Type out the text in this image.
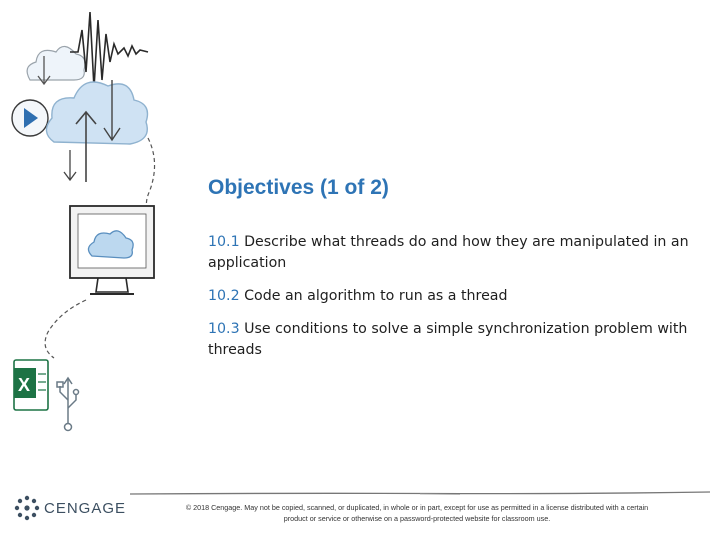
X
Objectives (1 of 2)

10.1 Describe what threads do and how they are manipulated in an application

10.2 Code an algorithm to run as a thread

10.3 Use conditions to solve a simple synchronization problem with threads

CENGAGE	© 2018 Cengage. May not be copied, scanned, or duplicated, in whole or in part, except for use as permitted in a license distributed with a certain
product or service or otherwise on a password-protected website for classroom use.
